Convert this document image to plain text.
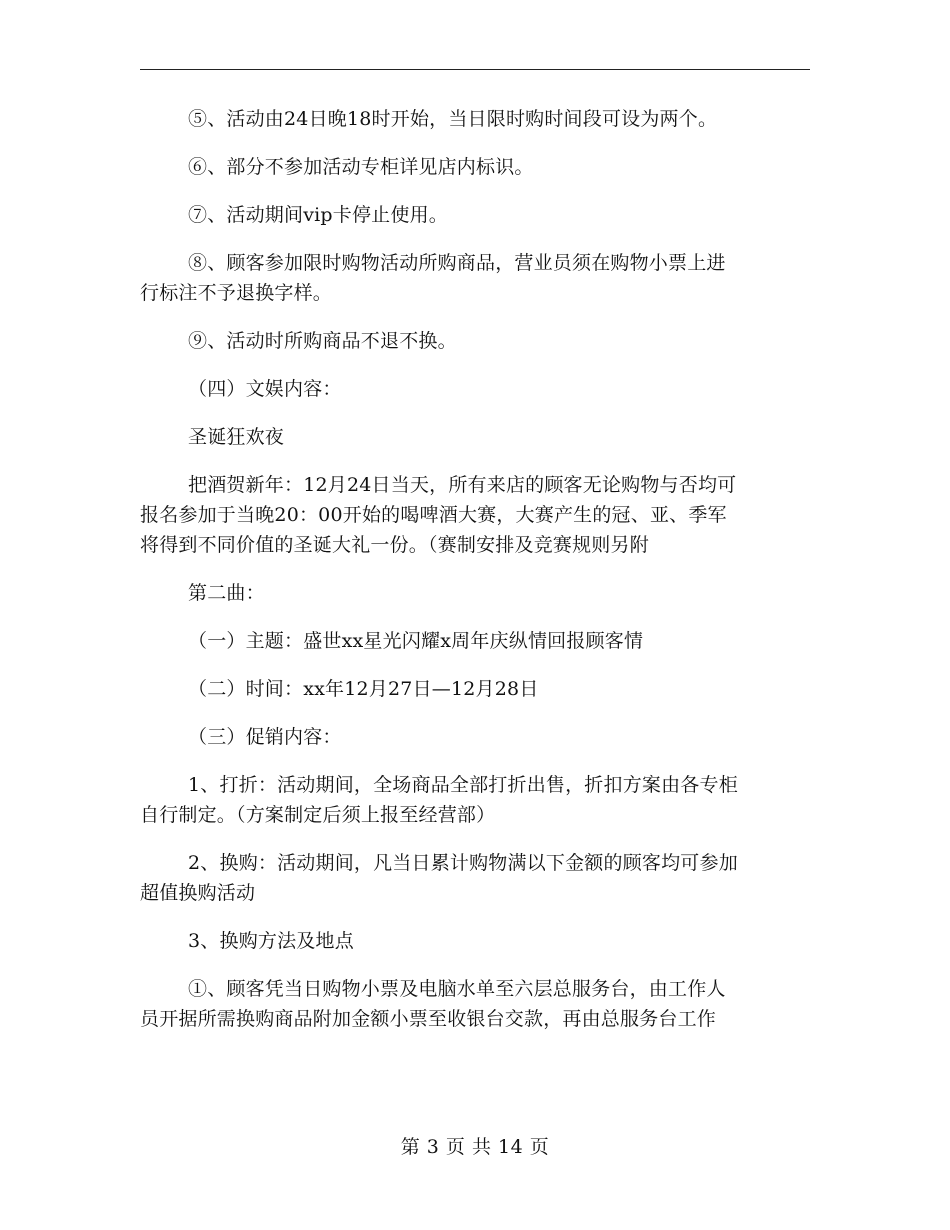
⑤、活动由24日晚18时开始，当日限时购时间段可设为两个。

⑥、部分不参加活动专柜详见店内标识。

⑦、活动期间vip卡停止使用。

⑧、顾客参加限时购物活动所购商品，营业员须在购物小票上进

行标注不予退换字样。

⑨、活动时所购商品不退不换。

（四）文娱内容：

圣诞狂欢夜

把酒贺新年：12月24日当天，所有来店的顾客无论购物与否均可

报名参加于当晚20：00开始的喝啤酒大赛，大赛产生的冠、亚、季军

将得到不同价值的圣诞大礼一份。（赛制安排及竞赛规则另附

第二曲：

（一）主题：盛世xx星光闪耀x周年庆纵情回报顾客情

（二）时间：xx年12月27日—12月28日

（三）促销内容：

1、打折：活动期间，全场商品全部打折出售，折扣方案由各专柜

自行制定。（方案制定后须上报至经营部）

2、换购：活动期间，凡当日累计购物满以下金额的顾客均可参加

超值换购活动

3、换购方法及地点

①、顾客凭当日购物小票及电脑水单至六层总服务台，由工作人

员开据所需换购商品附加金额小票至收银台交款，再由总服务台工作

第 3 页 共 14 页
